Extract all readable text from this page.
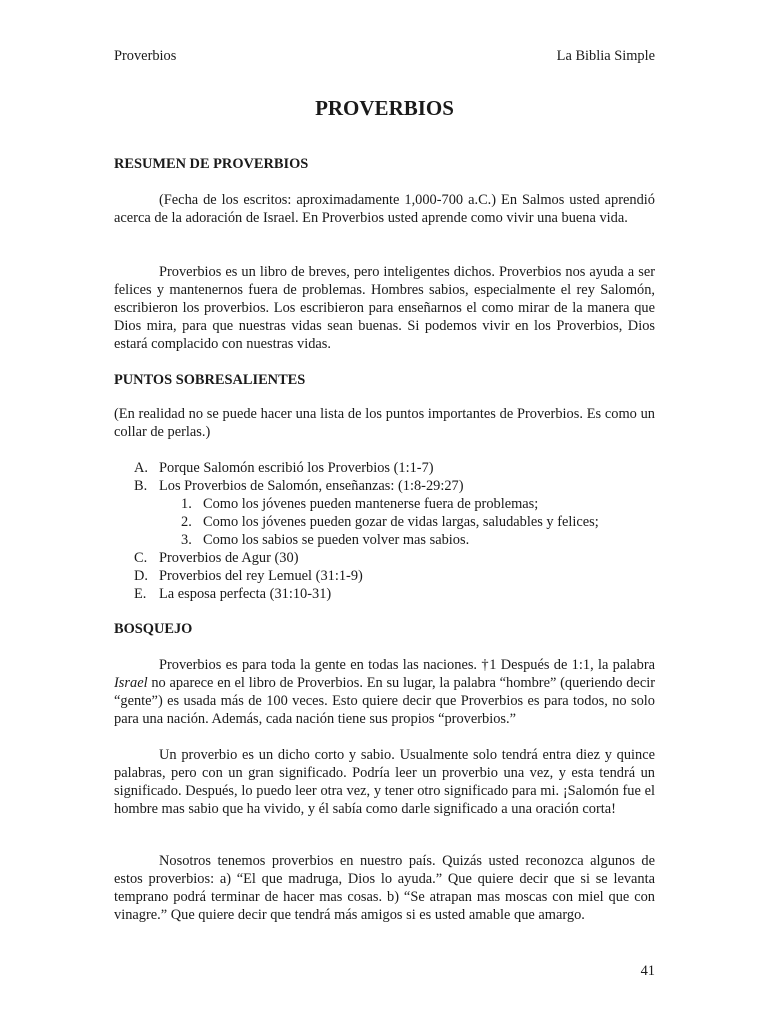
Proverbios	La Biblia Simple
PROVERBIOS
RESUMEN DE PROVERBIOS
(Fecha de los escritos: aproximadamente 1,000-700 a.C.) En Salmos usted aprendió acerca de la adoración de Israel. En Proverbios usted aprende como vivir una buena vida.
Proverbios es un libro de breves, pero inteligentes dichos. Proverbios nos ayuda a ser felices y mantenernos fuera de problemas. Hombres sabios, especialmente el rey Salomón, escribieron los proverbios. Los escribieron para enseñarnos el como mirar de la manera que Dios mira, para que nuestras vidas sean buenas. Si podemos vivir en los Proverbios, Dios estará complacido con nuestras vidas.
PUNTOS SOBRESALIENTES
(En realidad no se puede hacer una lista de los puntos importantes de Proverbios. Es como un collar de perlas.)
A. Porque Salomón escribió los Proverbios (1:1-7)
B. Los Proverbios de Salomón, enseñanzas: (1:8-29:27)
1. Como los jóvenes pueden mantenerse fuera de problemas;
2. Como los jóvenes pueden gozar de vidas largas, saludables y felices;
3. Como los sabios se pueden volver mas sabios.
C. Proverbios de Agur (30)
D. Proverbios del rey Lemuel (31:1-9)
E. La esposa perfecta (31:10-31)
BOSQUEJO
Proverbios es para toda la gente en todas las naciones. †1 Después de 1:1, la palabra Israel no aparece en el libro de Proverbios. En su lugar, la palabra “hombre” (queriendo decir “gente”) es usada más de 100 veces. Esto quiere decir que Proverbios es para todos, no solo para una nación. Además, cada nación tiene sus propios “proverbios.”
Un proverbio es un dicho corto y sabio. Usualmente solo tendrá entra diez y quince palabras, pero con un gran significado. Podría leer un proverbio una vez, y esta tendrá un significado. Después, lo puedo leer otra vez, y tener otro significado para mi. ¡Salomón fue el hombre mas sabio que ha vivido, y él sabía como darle significado a una oración corta!
Nosotros tenemos proverbios en nuestro país. Quizás usted reconozca algunos de estos proverbios: a) “El que madruga, Dios lo ayuda.” Que quiere decir que si se levanta temprano podrá terminar de hacer mas cosas. b) “Se atrapan mas moscas con miel que con vinagre.” Que quiere decir que tendrá más amigos si es usted amable que amargo.
41
